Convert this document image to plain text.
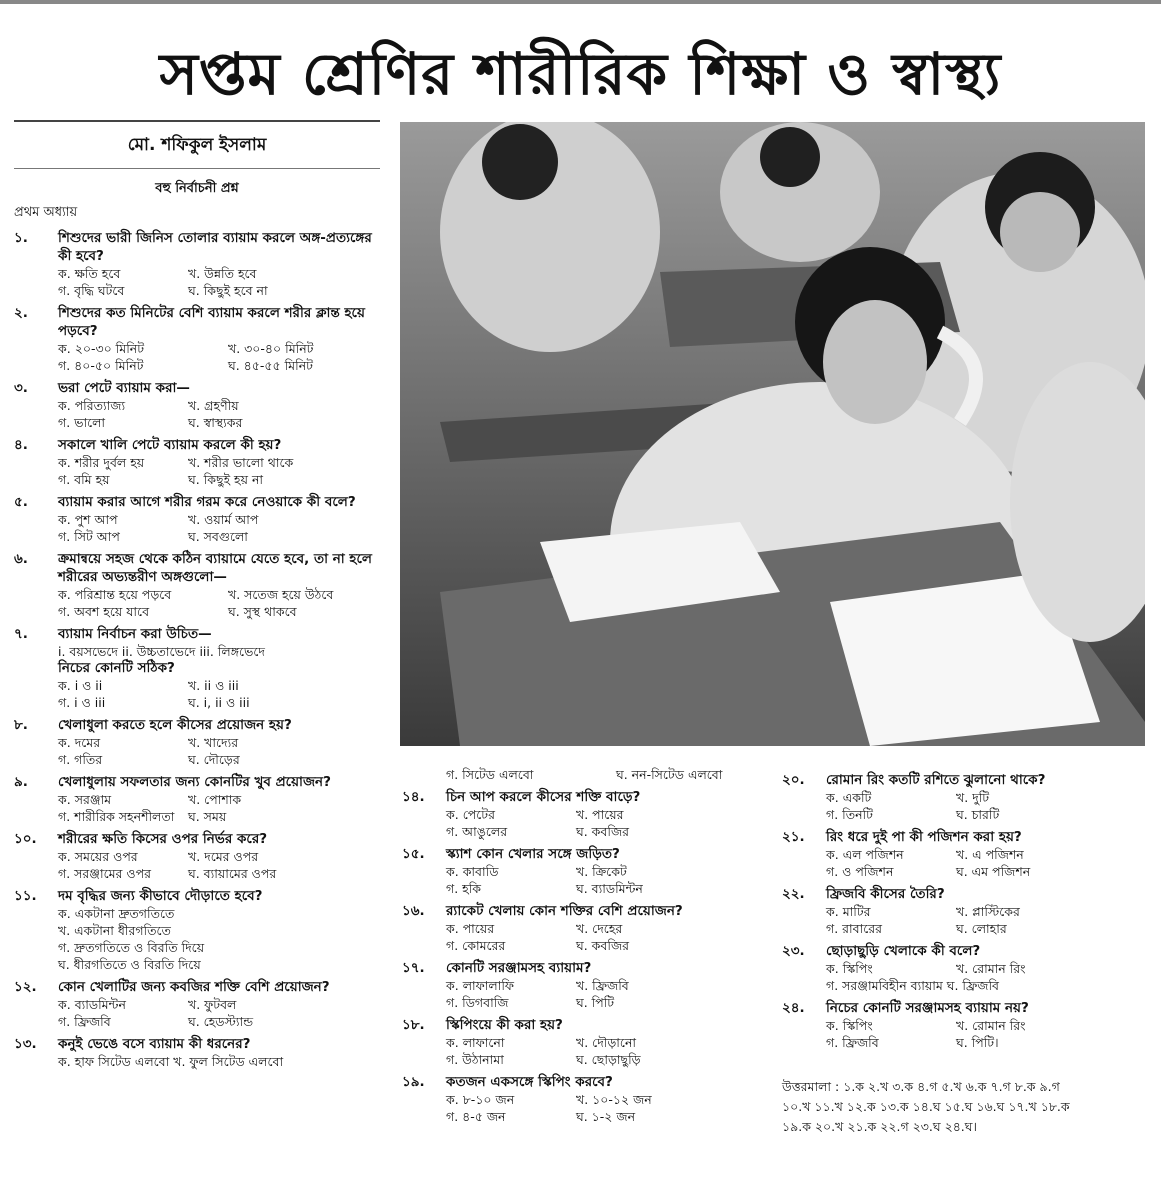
সপ্তম শ্রেণির শারীরিক শিক্ষা ও স্বাস্থ্য
মো. শফিকুল ইসলাম
বহু নির্বাচনী প্রশ্ন
প্রথম অধ্যায়
১.	শিশুদের ভারী জিনিস তোলার ব্যায়াম করলে অঙ্গ-প্রত্যঙ্গের কী হবে?
ক. ক্ষতি হবে	খ. উন্নতি হবে
গ. বৃদ্ধি ঘটবে	ঘ. কিছুই হবে না
২.	শিশুদের কত মিনিটের বেশি ব্যায়াম করলে শরীর ক্লান্ত হয়ে পড়বে?
ক. ২০-৩০ মিনিট	খ. ৩০-৪০ মিনিট
গ. ৪০-৫০ মিনিট	ঘ. ৪৫-৫৫ মিনিট
৩.	ভরা পেটে ব্যায়াম করা—
ক. পরিত্যাজ্য	খ. গ্রহণীয়
গ. ভালো	ঘ. স্বাস্থ্যকর
৪.	সকালে খালি পেটে ব্যায়াম করলে কী হয়?
ক. শরীর দুর্বল হয়	খ. শরীর ভালো থাকে
গ. বমি হয়	ঘ. কিছুই হয় না
৫.	ব্যায়াম করার আগে শরীর গরম করে নেওয়াকে কী বলে?
ক. পুশ আপ	খ. ওয়ার্ম আপ
গ. সিট আপ	ঘ. সবগুলো
৬.	ক্রমান্বয়ে সহজ থেকে কঠিন ব্যায়ামে যেতে হবে, তা না হলে শরীরের অভ্যন্তরীণ অঙ্গগুলো—
ক. পরিশ্রান্ত হয়ে পড়বে	খ. সতেজ হয়ে উঠবে
গ. অবশ হয়ে যাবে	ঘ. সুস্থ থাকবে
৭.	ব্যায়াম নির্বাচন করা উচিত—
i. বয়সভেদে ii. উচ্চতাভেদে iii. লিঙ্গভেদে
নিচের কোনটি সঠিক?
ক. i ও ii	খ. ii ও iii
গ. i ও iii	ঘ. i, ii ও iii
৮.	খেলাধুলা করতে হলে কীসের প্রয়োজন হয়?
ক. দমের	খ. খাদ্যের
গ. গতির	ঘ. দৌড়ের
৯.	খেলাধুলায় সফলতার জন্য কোনটির খুব প্রয়োজন?
ক. সরঞ্জাম	খ. পোশাক
গ. শারীরিক সহনশীলতা	ঘ. সময়
১০.	শরীরের ক্ষতি কিসের ওপর নির্ভর করে?
ক. সময়ের ওপর	খ. দমের ওপর
গ. সরঞ্জামের ওপর	ঘ. ব্যায়ামের ওপর
১১.	দম বৃদ্ধির জন্য কীভাবে দৌড়াতে হবে?
ক. একটানা দ্রুতগতিতে
খ. একটানা ধীরগতিতে
গ. দ্রুতগতিতে ও বিরতি দিয়ে
ঘ. ধীরগতিতে ও বিরতি দিয়ে
১২.	কোন খেলাটির জন্য কবজির শক্তি বেশি প্রয়োজন?
ক. ব্যাডমিন্টন	খ. ফুটবল
গ. ফ্রিজবি	ঘ. হেডস্ট্যান্ড
১৩.	কনুই ভেঙে বসে ব্যায়াম কী ধরনের?
ক. হাফ সিটেড এলবো খ. ফুল সিটেড এলবো
গ. সিটেড এলবো	ঘ. নন-সিটেড এলবো
১৪.	চিন আপ করলে কীসের শক্তি বাড়ে?
ক. পেটের	খ. পায়ের
গ. আঙুলের	ঘ. কবজির
১৫.	স্ক্যাশ কোন খেলার সঙ্গে জড়িত?
ক. কাবাডি	খ. ক্রিকেট
গ. হকি	ঘ. ব্যাডমিন্টন
১৬.	র‍্যাকেট খেলায় কোন শক্তির বেশি প্রয়োজন?
ক. পায়ের	খ. দেহের
গ. কোমরের	ঘ. কবজির
১৭.	কোনটি সরঞ্জামসহ ব্যায়াম?
ক. লাফালাফি	খ. ফ্রিজবি
গ. ডিগবাজি	ঘ. পিটি
১৮.	স্কিপিংয়ে কী করা হয়?
ক. লাফানো	খ. দৌড়ানো
গ. উঠানামা	ঘ. ছোড়াছুড়ি
১৯.	কতজন একসঙ্গে স্কিপিং করবে?
ক. ৮-১০ জন	খ. ১০-১২ জন
গ. ৪-৫ জন	ঘ. ১-২ জন
২০.	রোমান রিং কতটি রশিতে ঝুলানো থাকে?
ক. একটি	খ. দুটি
গ. তিনটি	ঘ. চারটি
২১.	রিং ধরে দুই পা কী পজিশন করা হয়?
ক. এল পজিশন	খ. এ পজিশন
গ. ও পজিশন	ঘ. এম পজিশন
২২.	ফ্রিজবি কীসের তৈরি?
ক. মাটির	খ. প্লাস্টিকের
গ. রাবারের	ঘ. লোহার
২৩.	ছোড়াছুড়ি খেলাকে কী বলে?
ক. স্কিপিং	খ. রোমান রিং
গ. সরঞ্জামবিহীন ব্যায়াম ঘ. ফ্রিজবি
২৪.	নিচের কোনটি সরঞ্জামসহ ব্যায়াম নয়?
ক. স্কিপিং	খ. রোমান রিং
গ. ফ্রিজবি	ঘ. পিটি।
উত্তরমালা : ১.ক ২.খ ৩.ক ৪.গ ৫.খ ৬.ক ৭.গ ৮.ক ৯.গ
১০.খ ১১.খ ১২.ক ১৩.ক ১৪.ঘ ১৫.ঘ ১৬.ঘ ১৭.খ ১৮.ক
১৯.ক ২০.খ ২১.ক ২২.গ ২৩.ঘ ২৪.ঘ।
